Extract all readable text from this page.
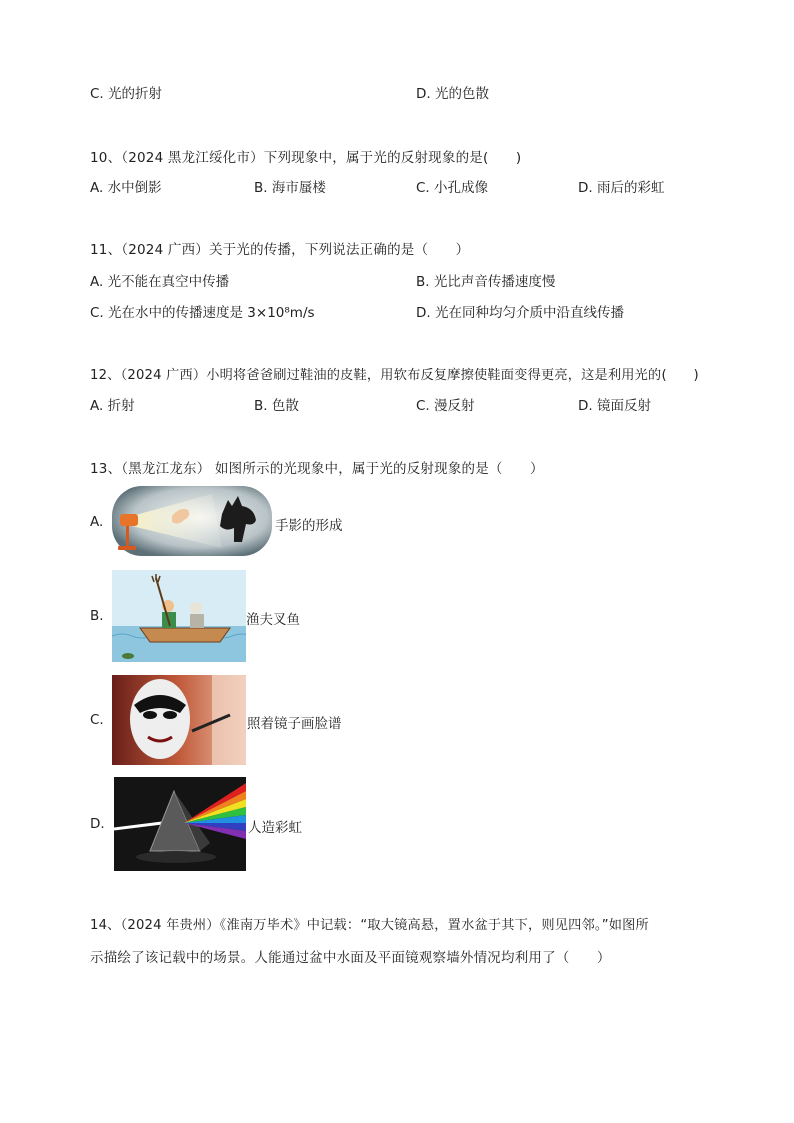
C. 光的折射	D. 光的色散
10、（2024 黑龙江绥化市）下列现象中，属于光的反射现象的是(　　)
A. 水中倒影	B. 海市蜃楼	C. 小孔成像	D. 雨后的彩虹
11、（2024 广西）关于光的传播，下列说法正确的是（　　）
A. 光不能在真空中传播	B. 光比声音传播速度慢
C. 光在水中的传播速度是 3×10⁸m/s	D. 光在同种均匀介质中沿直线传播
12、（2024 广西）小明将爸爸刷过鞋油的皮鞋，用软布反复摩擦使鞋面变得更亮，这是利用光的(　　)
A. 折射	B. 色散	C. 漫反射	D. 镜面反射
13、（黑龙江龙东） 如图所示的光现象中，属于光的反射现象的是（　　）
A.	手影的形成
B.	渔夫叉鱼
C.	照着镜子画脸谱
D.	人造彩虹
14、（2024 年贵州）《淮南万毕术》中记载：“取大镜高悬，置水盆于其下，则见四邻。”如图所
示描绘了该记载中的场景。人能通过盆中水面及平面镜观察墙外情况均利用了（　　）
